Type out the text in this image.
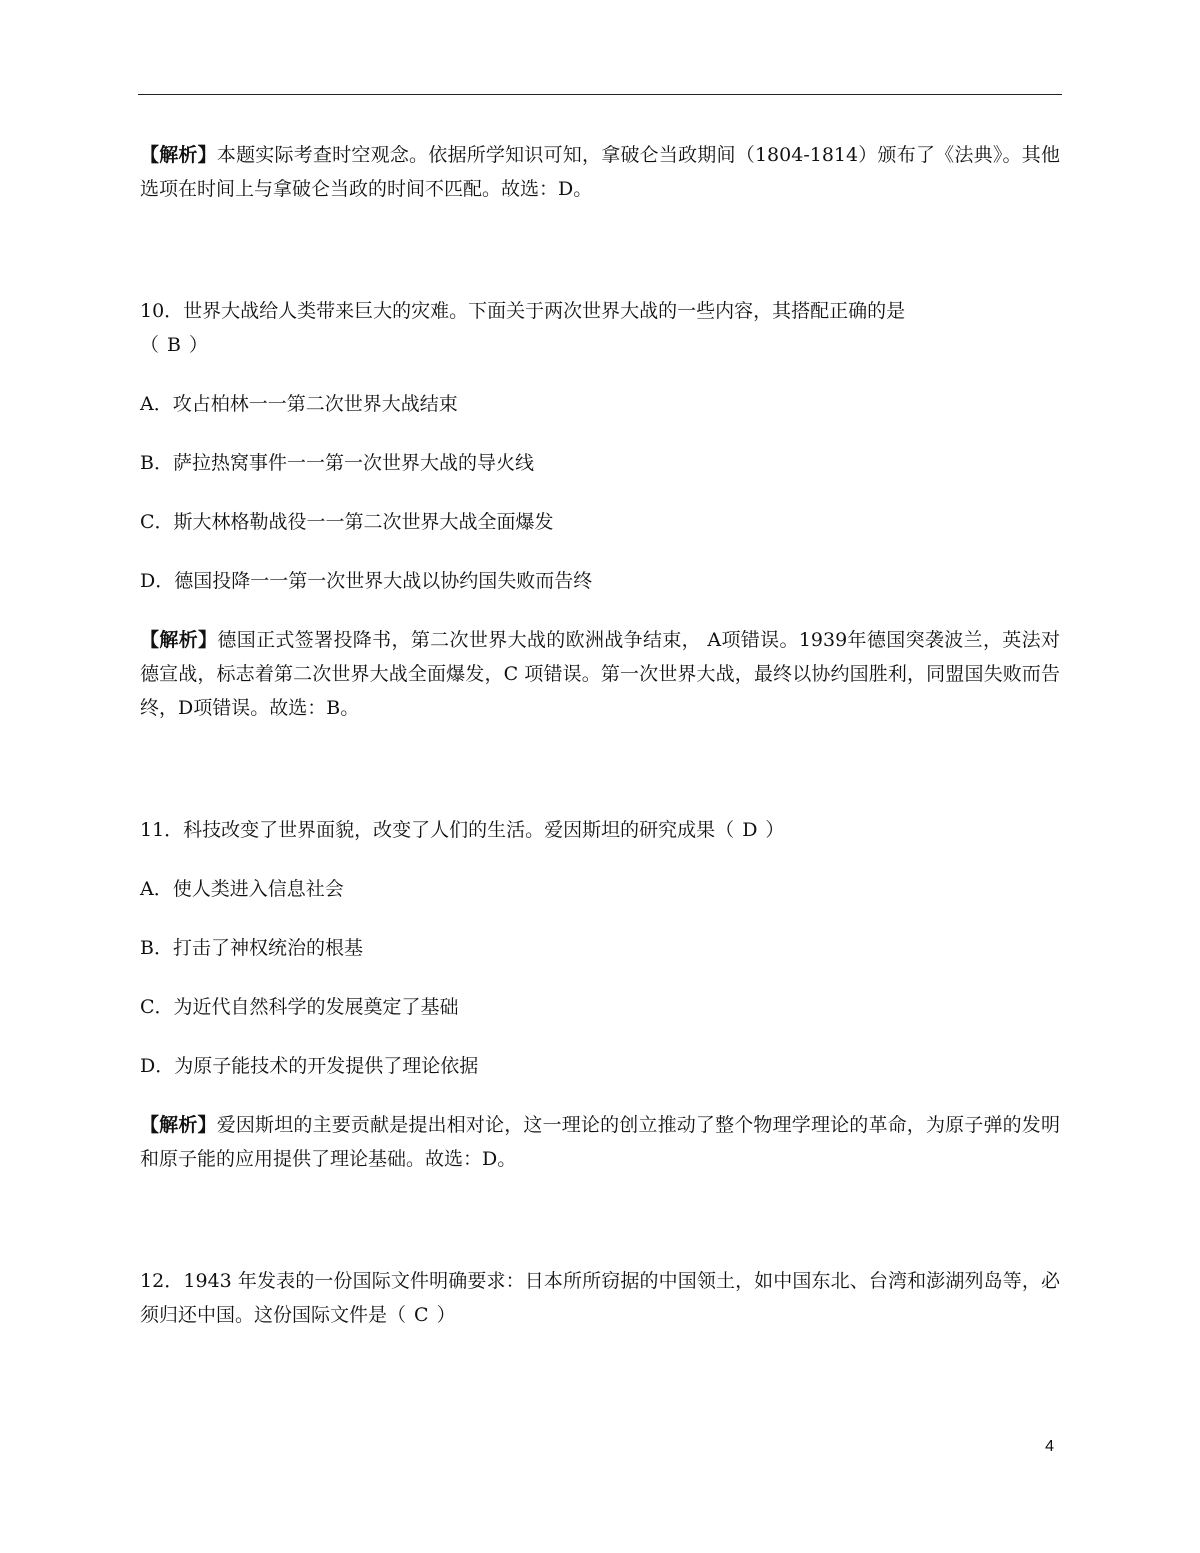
【解析】本题实际考查时空观念。依据所学知识可知，拿破仑当政期间（1804-1814）颁布了《法典》。其他选项在时间上与拿破仑当政的时间不匹配。故选：D。

10．世界大战给人类带来巨大的灾难。下面关于两次世界大战的一些内容，其搭配正确的是
（ B ）

A．攻占柏林一一第二次世界大战结束

B．萨拉热窝事件一一第一次世界大战的导火线

C．斯大林格勒战役一一第二次世界大战全面爆发

D．德国投降一一第一次世界大战以协约国失败而告终

【解析】德国正式签署投降书，第二次世界大战的欧洲战争结束， A项错误。1939年德国突袭波兰，英法对德宣战，标志着第二次世界大战全面爆发，C 项错误。第一次世界大战，最终以协约国胜利，同盟国失败而告终，D项错误。故选：B。

11．科技改变了世界面貌，改变了人们的生活。爱因斯坦的研究成果（ D ）

A．使人类进入信息社会

B．打击了神权统治的根基

C．为近代自然科学的发展奠定了基础

D．为原子能技术的开发提供了理论依据

【解析】爱因斯坦的主要贡献是提出相对论，这一理论的创立推动了整个物理学理论的革命，为原子弹的发明和原子能的应用提供了理论基础。故选：D。

12．1943 年发表的一份国际文件明确要求：日本所所窃据的中国领土，如中国东北、台湾和澎湖列岛等，必须归还中国。这份国际文件是（ C ）

4
